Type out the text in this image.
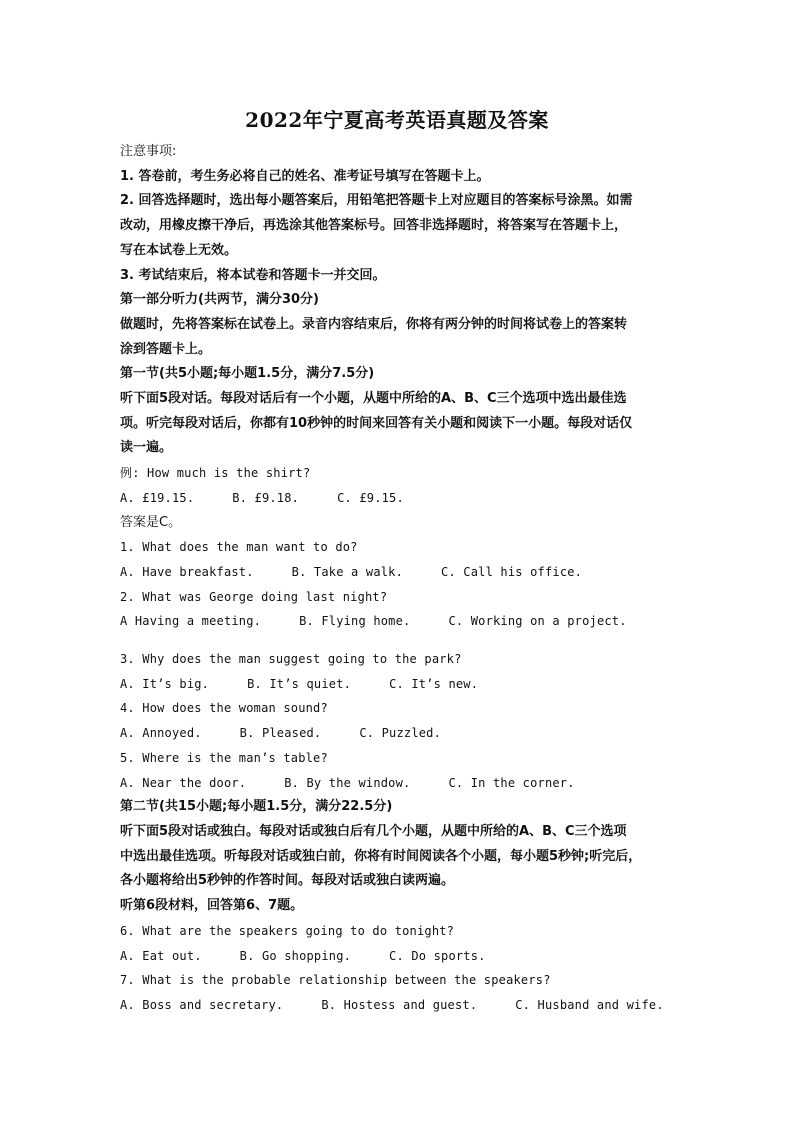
2022年宁夏高考英语真题及答案
注意事项:
1. 答卷前，考生务必将自己的姓名、准考证号填写在答题卡上。
2. 回答选择题时，选出每小题答案后，用铅笔把答题卡上对应题目的答案标号涂黑。如需
改动，用橡皮擦干净后，再选涂其他答案标号。回答非选择题时，将答案写在答题卡上，
写在本试卷上无效。
3. 考试结束后，将本试卷和答题卡一并交回。
第一部分听力(共两节，满分30分)
做题时，先将答案标在试卷上。录音内容结束后，你将有两分钟的时间将试卷上的答案转
涂到答题卡上。
第一节(共5小题;每小题1.5分，满分7.5分)
听下面5段对话。每段对话后有一个小题，从题中所给的A、B、C三个选项中选出最佳选
项。听完每段对话后，你都有10秒钟的时间来回答有关小题和阅读下一小题。每段对话仅
读一遍。
例: How much is the shirt?
A. £19.15.	B. £9.18.	C. £9.15.
答案是C。
1. What does the man want to do?
A. Have breakfast.	B. Take a walk.	C. Call his office.
2. What was George doing last night?
A Having a meeting.	B. Flying home.	C. Working on a project.
3. Why does the man suggest going to the park?
A. It’s big.	B. It’s quiet.	C. It’s new.
4. How does the woman sound?
A. Annoyed.	B. Pleased.	C. Puzzled.
5. Where is the man’s table?
A. Near the door.	B. By the window.	C. In the corner.
第二节(共15小题;每小题1.5分，满分22.5分)
听下面5段对话或独白。每段对话或独白后有几个小题，从题中所给的A、B、C三个选项
中选出最佳选项。听每段对话或独白前，你将有时间阅读各个小题，每小题5秒钟;听完后，
各小题将给出5秒钟的作答时间。每段对话或独白读两遍。
听第6段材料，回答第6、7题。
6. What are the speakers going to do tonight?
A. Eat out.	B. Go shopping.	C. Do sports.
7. What is the probable relationship between the speakers?
A. Boss and secretary.	B. Hostess and guest.	C. Husband and wife.
